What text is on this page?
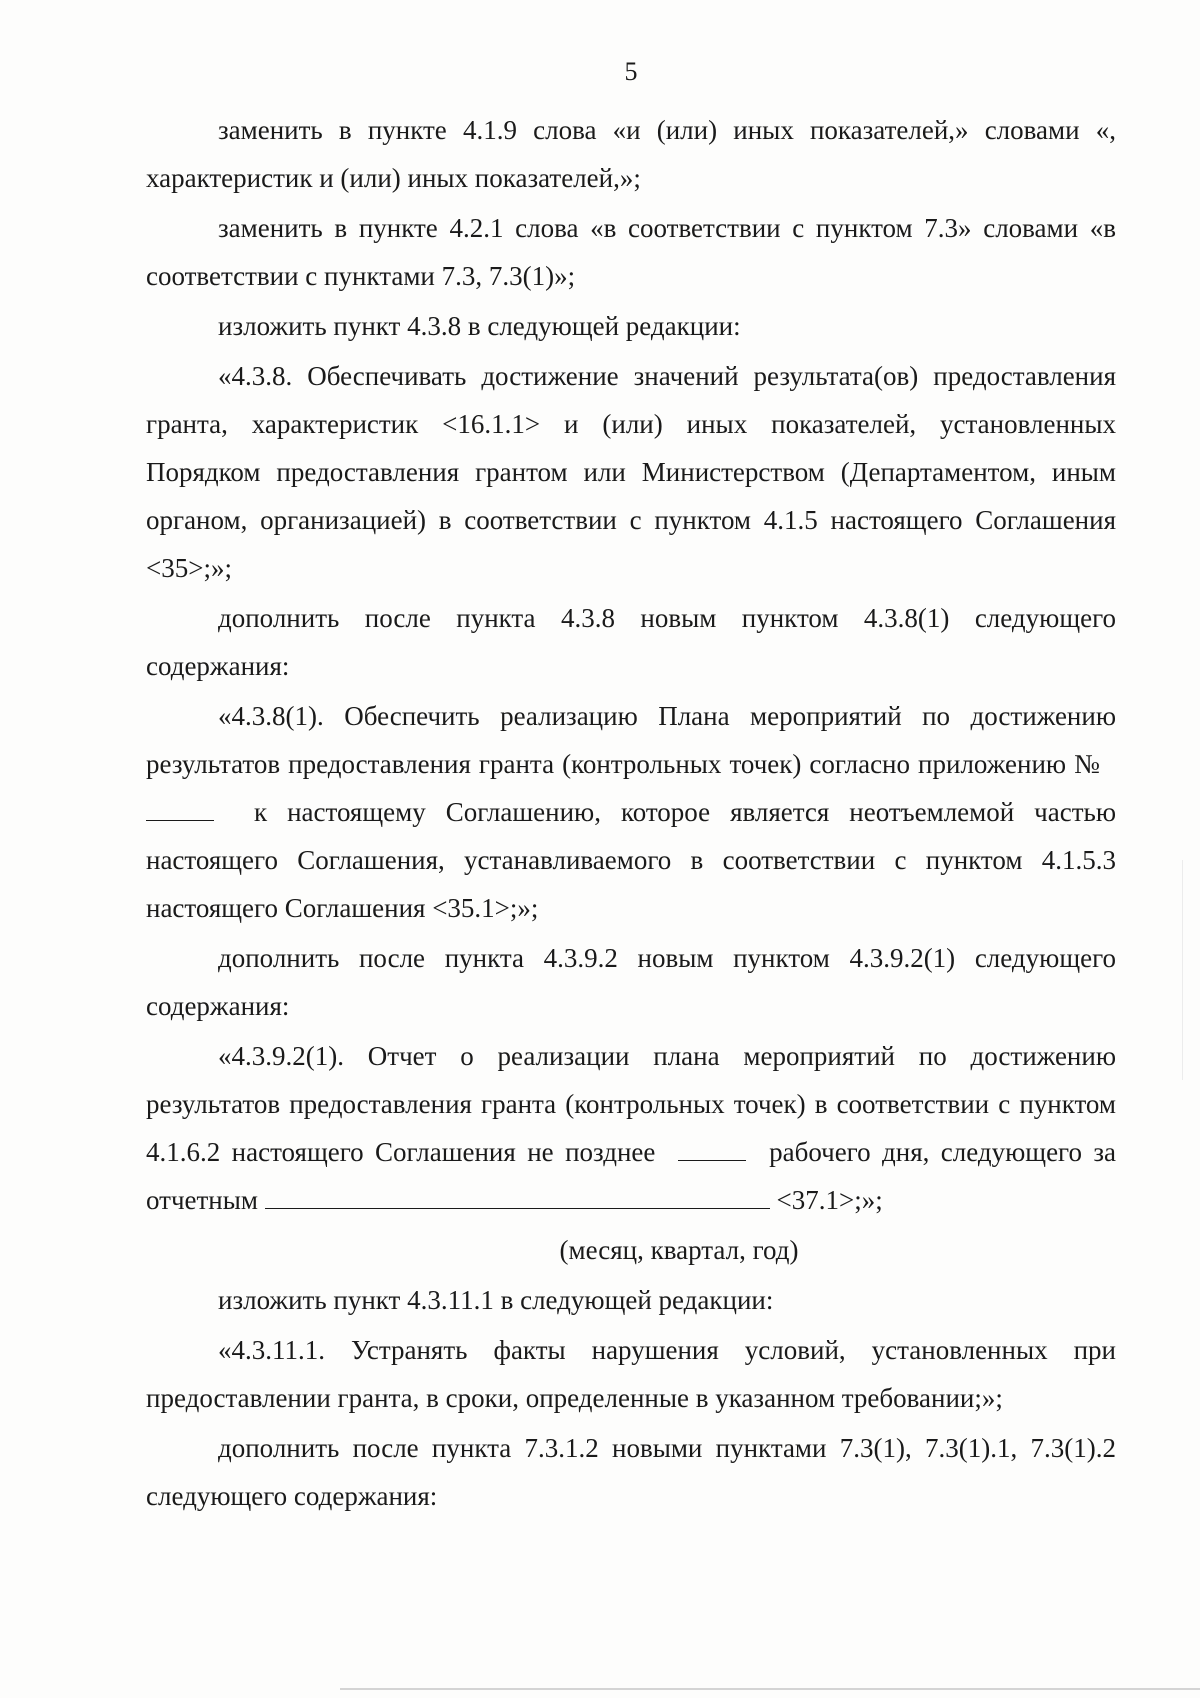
5

заменить в пункте 4.1.9 слова «и (или) иных показателей,» словами «, характеристик и (или) иных показателей,»;

заменить в пункте 4.2.1 слова «в соответствии с пунктом 7.3» словами «в соответствии с пунктами 7.3, 7.3(1)»;

изложить пункт 4.3.8 в следующей редакции:

«4.3.8. Обеспечивать достижение значений результата(ов) предоставления гранта, характеристик <16.1.1> и (или) иных показателей, установленных Порядком предоставления грантом или Министерством (Департаментом, иным органом, организацией) в соответствии с пунктом 4.1.5 настоящего Соглашения <35>;»;

дополнить после пункта 4.3.8 новым пунктом 4.3.8(1) следующего содержания:

«4.3.8(1). Обеспечить реализацию Плана мероприятий по достижению результатов предоставления гранта (контрольных точек) согласно приложению №    к настоящему Соглашению, которое является неотъемлемой частью настоящего Соглашения, устанавливаемого в соответствии с пунктом 4.1.5.3 настоящего Соглашения <35.1>;»;

дополнить после пункта 4.3.9.2 новым пунктом 4.3.9.2(1) следующего содержания:

«4.3.9.2(1). Отчет о реализации плана мероприятий по достижению результатов предоставления гранта (контрольных точек) в соответствии с пунктом 4.1.6.2 настоящего Соглашения не позднее	рабочего дня, следующего за отчетным	<37.1>;»;

(месяц, квартал, год)

изложить пункт 4.3.11.1 в следующей редакции:

«4.3.11.1. Устранять факты нарушения условий, установленных при предоставлении гранта, в сроки, определенные в указанном требовании;»;

дополнить после пункта 7.3.1.2 новыми пунктами 7.3(1), 7.3(1).1, 7.3(1).2 следующего содержания:
